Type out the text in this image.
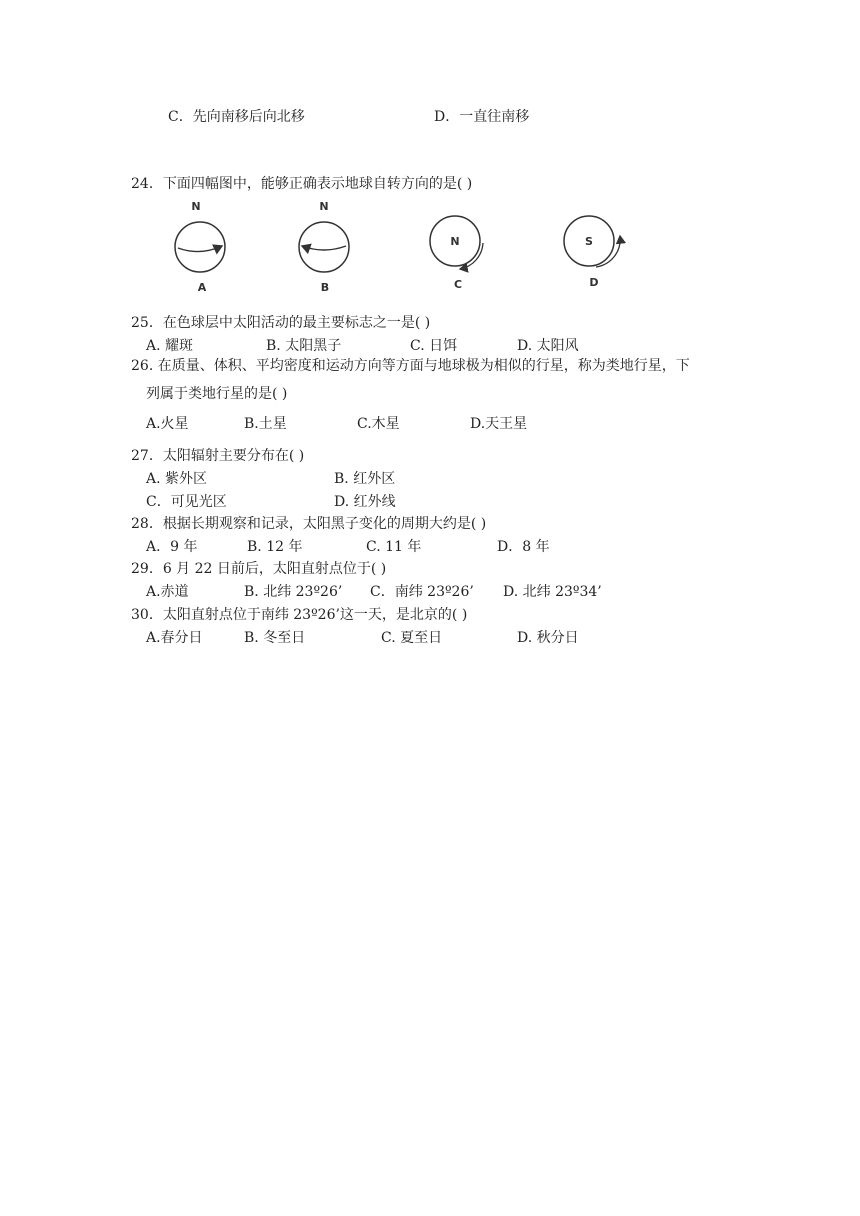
C．先向南移后向北移	D．一直往南移
24．下面四幅图中，能够正确表示地球自转方向的是( )
N
A
N
B
N
C
S
D
25．在色球层中太阳活动的最主要标志之一是( )
A. 耀斑	B. 太阳黑子	C. 日饵	D. 太阳风
26. 在质量、体积、平均密度和运动方向等方面与地球极为相似的行星，称为类地行星，下
列属于类地行星的是( )
A.火星	B.土星	C.木星	D.天王星
27．太阳辐射主要分布在( )
A. 紫外区	B. 红外区
C．可见光区	D. 红外线
28．根据长期观察和记录，太阳黑子变化的周期大约是( )
A．9 年	B. 12 年	C. 11 年	D．8 年
29．6 月 22 日前后，太阳直射点位于( )
A.赤道	B. 北纬 23º26’ C．南纬 23º26’ D. 北纬 23º34’
30．太阳直射点位于南纬 23º26’这一天，是北京的( )
A.春分日	B. 冬至日	C. 夏至日	D. 秋分日
